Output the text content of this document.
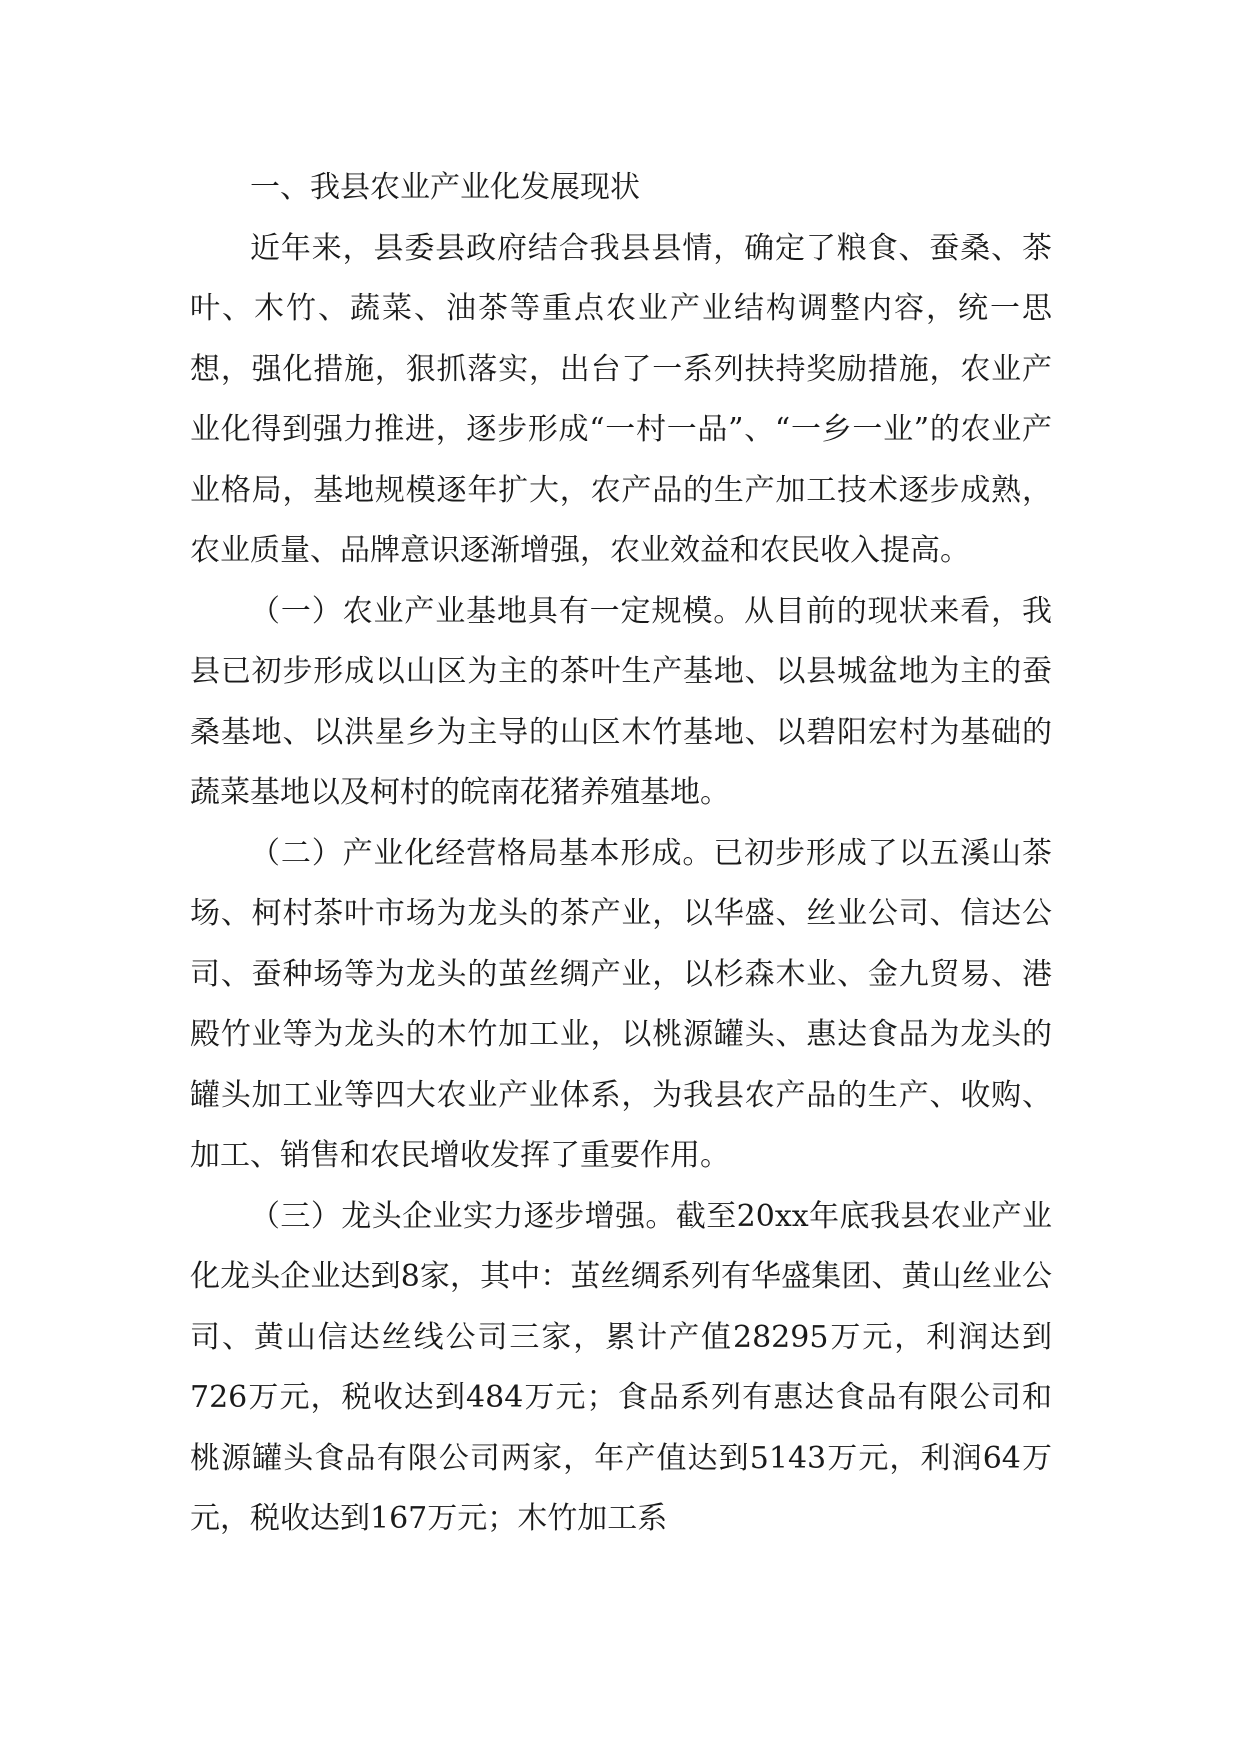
一、我县农业产业化发展现状

近年来，县委县政府结合我县县情，确定了粮食、蚕桑、茶叶、木竹、蔬菜、油茶等重点农业产业结构调整内容，统一思想，强化措施，狠抓落实，出台了一系列扶持奖励措施，农业产业化得到强力推进，逐步形成“一村一品”、“一乡一业”的农业产业格局，基地规模逐年扩大，农产品的生产加工技术逐步成熟，农业质量、品牌意识逐渐增强，农业效益和农民收入提高。

（一）农业产业基地具有一定规模。从目前的现状来看，我县已初步形成以山区为主的茶叶生产基地、以县城盆地为主的蚕桑基地、以洪星乡为主导的山区木竹基地、以碧阳宏村为基础的蔬菜基地以及柯村的皖南花猪养殖基地。

（二）产业化经营格局基本形成。已初步形成了以五溪山茶场、柯村茶叶市场为龙头的茶产业，以华盛、丝业公司、信达公司、蚕种场等为龙头的茧丝绸产业，以杉森木业、金九贸易、港殿竹业等为龙头的木竹加工业，以桃源罐头、惠达食品为龙头的罐头加工业等四大农业产业体系，为我县农产品的生产、收购、加工、销售和农民增收发挥了重要作用。

（三）龙头企业实力逐步增强。截至20xx年底我县农业产业化龙头企业达到8家，其中：茧丝绸系列有华盛集团、黄山丝业公司、黄山信达丝线公司三家，累计产值28295万元，利润达到726万元，税收达到484万元；食品系列有惠达食品有限公司和桃源罐头食品有限公司两家，年产值达到5143万元，利润64万元，税收达到167万元；木竹加工系
